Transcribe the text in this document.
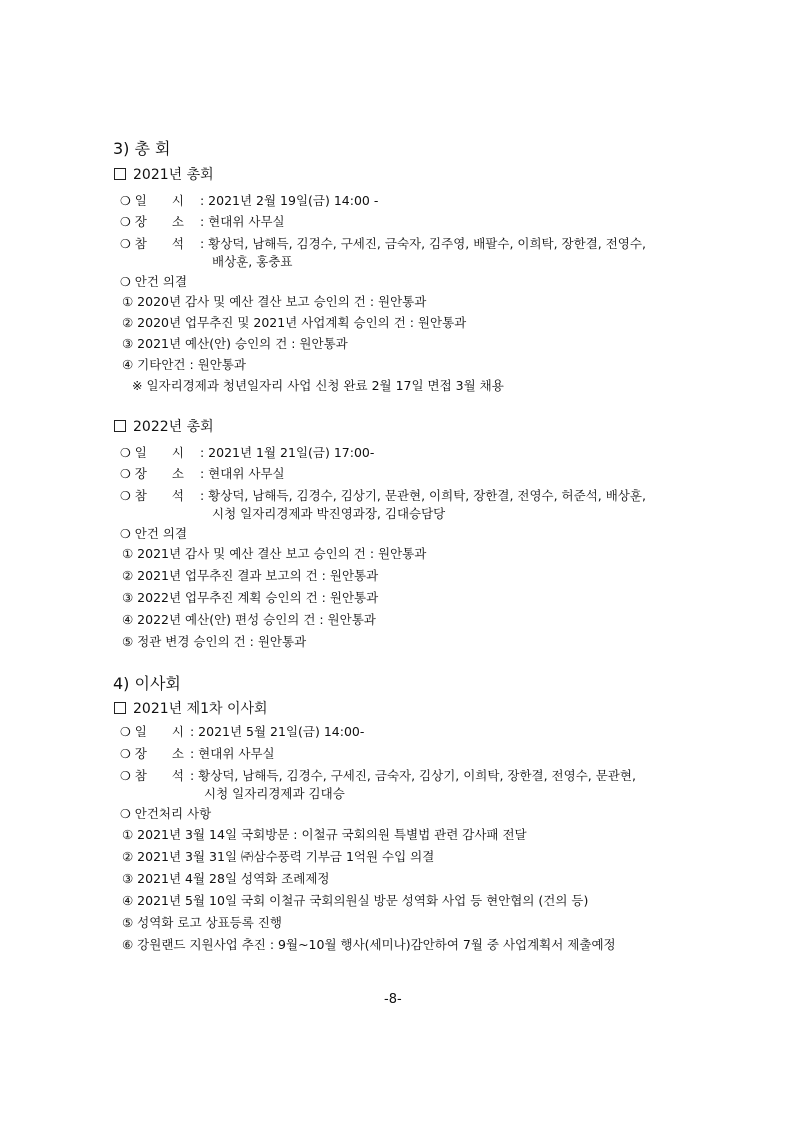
3) 총 회
2021년 총회
❍ 일　　시 : 2021년 2월 19일(금) 14:00 -
❍ 장　　소 : 현대위 사무실
❍ 참　　석 : 황상덕, 남해득, 김경수, 구세진, 금숙자, 김주영, 배팔수, 이희탁, 장한결, 전영수,
배상훈, 홍충표
❍ 안건 의결
① 2020년 감사 및 예산 결산 보고 승인의 건 : 원안통과
② 2020년 업무추진 및 2021년 사업계획 승인의 건 : 원안통과
③ 2021년 예산(안) 승인의 건 : 원안통과
④ 기타안건 : 원안통과
※ 일자리경제과 청년일자리 사업 신청 완료 2월 17일 면접 3월 채용
2022년 총회
❍ 일　　시 : 2021년 1월 21일(금) 17:00-
❍ 장　　소 : 현대위 사무실
❍ 참　　석 : 황상덕, 남해득, 김경수, 김상기, 문관현, 이희탁, 장한결, 전영수, 허준석, 배상훈,
시청 일자리경제과 박진영과장, 김대승담당
❍ 안건 의결
① 2021년 감사 및 예산 결산 보고 승인의 건 : 원안통과
② 2021년 업무추진 결과 보고의 건 : 원안통과
③ 2022년 업무추진 계획 승인의 건 : 원안통과
④ 2022년 예산(안) 편성 승인의 건 : 원안통과
⑤ 정관 변경 승인의 건 : 원안통과
4) 이사회
2021년 제1차 이사회
❍ 일　　시 : 2021년 5월 21일(금) 14:00-
❍ 장　　소 : 현대위 사무실
❍ 참　　석 : 황상덕, 남해득, 김경수, 구세진, 금숙자, 김상기, 이희탁, 장한결, 전영수, 문관현,
시청 일자리경제과 김대승
❍ 안건처리 사항
① 2021년 3월 14일 국회방문 : 이철규 국회의원 특별법 관련 감사패 전달
② 2021년 3월 31일 ㈜삼수풍력 기부금 1억원 수입 의결
③ 2021년 4월 28일 성역화 조례제정
④ 2021년 5월 10일 국회 이철규 국회의원실 방문 성역화 사업 등 현안협의 (건의 등)
⑤ 성역화 로고 상표등록 진행
⑥ 강원랜드 지원사업 추진 : 9월~10월 행사(세미나)감안하여 7월 중 사업계획서 제출예정
-8-
